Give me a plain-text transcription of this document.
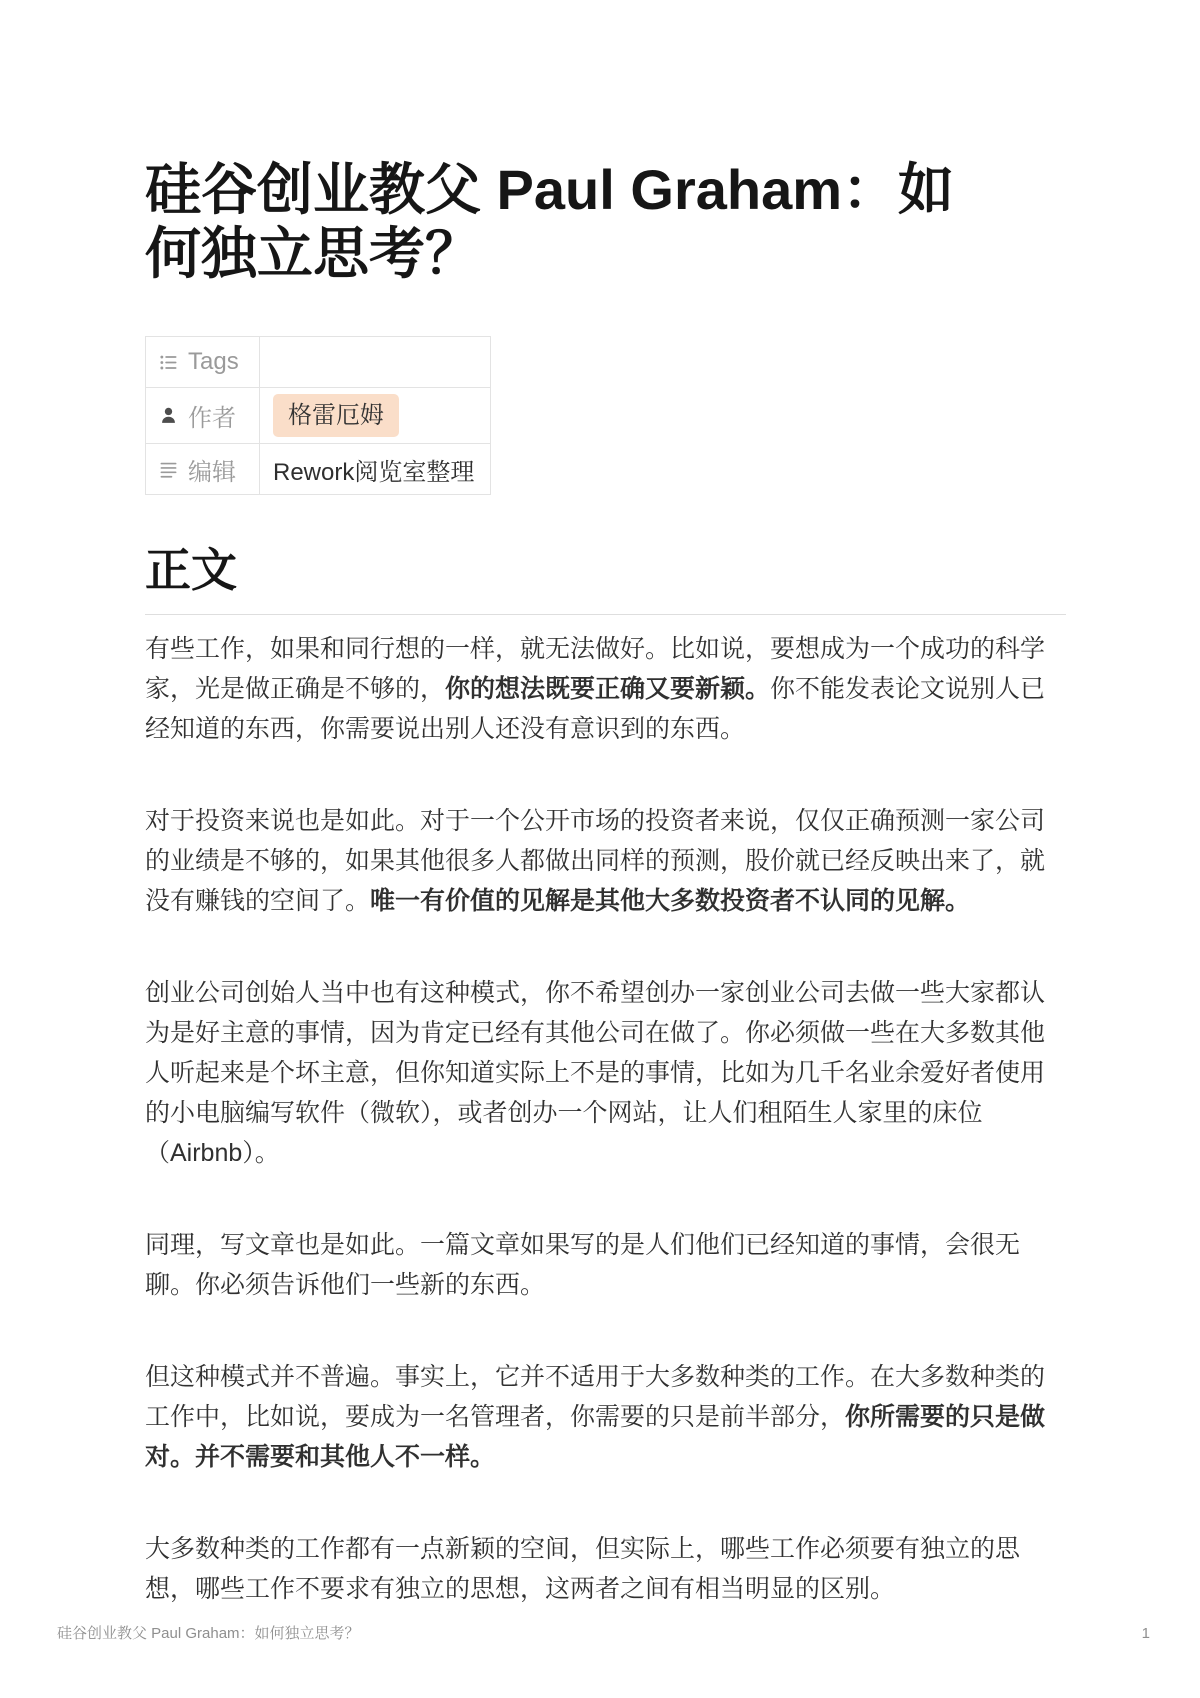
硅谷创业教父 Paul Graham：如何独立思考？
Tags	

作者	格雷厄姆

编辑	Rework阅览室整理
正文

有些工作，如果和同行想的一样，就无法做好。比如说，要想成为一个成功的科学家，光是做正确是不够的，你的想法既要正确又要新颖。你不能发表论文说别人已经知道的东西，你需要说出别人还没有意识到的东西。

对于投资来说也是如此。对于一个公开市场的投资者来说，仅仅正确预测一家公司的业绩是不够的，如果其他很多人都做出同样的预测，股价就已经反映出来了，就没有赚钱的空间了。唯一有价值的见解是其他大多数投资者不认同的见解。

创业公司创始人当中也有这种模式，你不希望创办一家创业公司去做一些大家都认为是好主意的事情，因为肯定已经有其他公司在做了。你必须做一些在大多数其他人听起来是个坏主意，但你知道实际上不是的事情，比如为几千名业余爱好者使用的小电脑编写软件（微软），或者创办一个网站，让人们租陌生人家里的床位（Airbnb）。

同理，写文章也是如此。一篇文章如果写的是人们他们已经知道的事情，会很无聊。你必须告诉他们一些新的东西。

但这种模式并不普遍。事实上，它并不适用于大多数种类的工作。在大多数种类的工作中，比如说，要成为一名管理者，你需要的只是前半部分，你所需要的只是做对。并不需要和其他人不一样。

大多数种类的工作都有一点新颖的空间，但实际上，哪些工作必须要有独立的思想，哪些工作不要求有独立的思想，这两者之间有相当明显的区别。

硅谷创业教父 Paul Graham：如何独立思考？	1
